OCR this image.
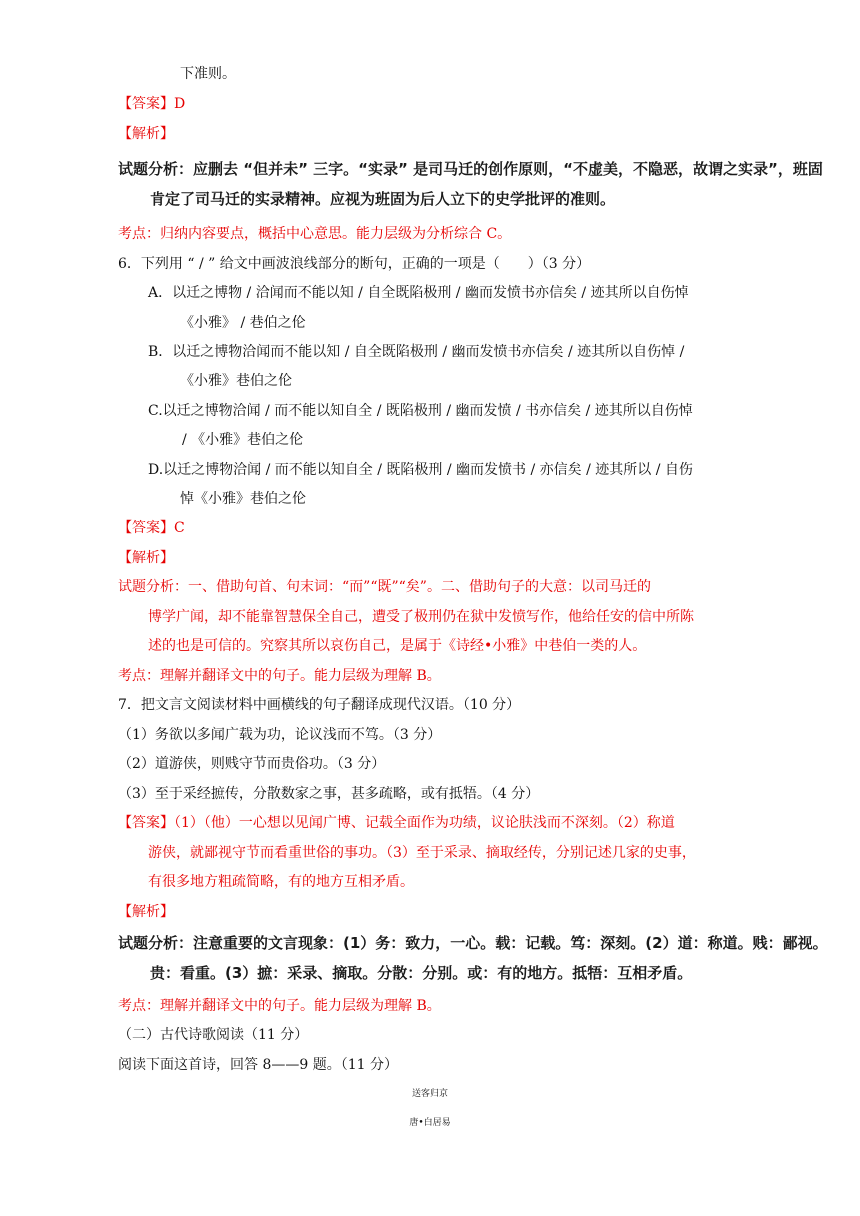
下准则。
【答案】D
【解析】
试题分析：应删去 “但并未” 三字。“实录” 是司马迁的创作原则，“不虚美，不隐恶，故谓之实录”，班固
肯定了司马迁的实录精神。应视为班固为后人立下的史学批评的准则。
考点：归纳内容要点，概括中心意思。能力层级为分析综合 C。
6．下列用 “ / ” 给文中画波浪线部分的断句，正确的一项是（　　）（3 分）
A．以迁之博物 / 洽闻而不能以知 / 自全既陷极刑 / 幽而发愤书亦信矣 / 迹其所以自伤悼
《小雅》 / 巷伯之伦
B．以迁之博物洽闻而不能以知 / 自全既陷极刑 / 幽而发愤书亦信矣 / 迹其所以自伤悼 /
《小雅》巷伯之伦
C.以迁之博物洽闻 / 而不能以知自全 / 既陷极刑 / 幽而发愤 / 书亦信矣 / 迹其所以自伤悼
/ 《小雅》巷伯之伦
D.以迁之博物洽闻 / 而不能以知自全 / 既陷极刑 / 幽而发愤书 / 亦信矣 / 迹其所以 / 自伤
悼《小雅》巷伯之伦
【答案】C
【解析】
试题分析：一、借助句首、句末词：“而”“既”“矣”。二、借助句子的大意：以司马迁的
博学广闻，却不能靠智慧保全自己，遭受了极刑仍在狱中发愤写作，他给任安的信中所陈
述的也是可信的。究察其所以哀伤自己，是属于《诗经•小雅》中巷伯一类的人。
考点：理解并翻译文中的句子。能力层级为理解 B。
7．把文言文阅读材料中画横线的句子翻译成现代汉语。（10 分）
（1）务欲以多闻广载为功，论议浅而不笃。（3 分）
（2）道游侠，则贱守节而贵俗功。（3 分）
（3）至于采经摭传，分散数家之事，甚多疏略，或有抵牾。（4 分）
【答案】（1）（他）一心想以见闻广博、记载全面作为功绩，议论肤浅而不深刻。（2）称道
游侠，就鄙视守节而看重世俗的事功。（3）至于采录、摘取经传，分别记述几家的史事，
有很多地方粗疏简略，有的地方互相矛盾。
【解析】
试题分析：注意重要的文言现象：(1）务：致力，一心。载：记载。笃：深刻。(2）道：称道。贱：鄙视。
贵：看重。(3）摭：采录、摘取。分散：分别。或：有的地方。抵牾：互相矛盾。
考点：理解并翻译文中的句子。能力层级为理解 B。
（二）古代诗歌阅读（11 分）
阅读下面这首诗，回答 8——9 题。（11 分）
送客归京
唐•白居易
